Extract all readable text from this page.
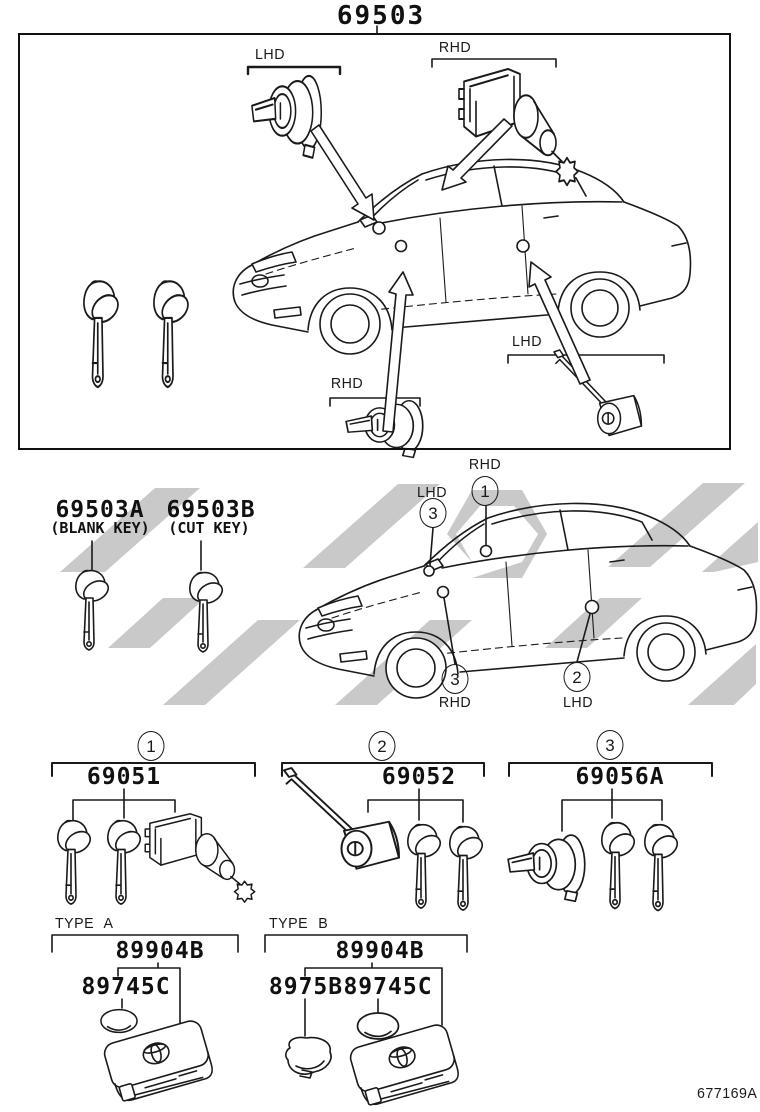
69503
LHD	RHD
RHD
LHD
69503A
(BLANK KEY)
69503B
(CUT KEY)
RHD
1
LHD
3
3
RHD
2
LHD
1
69051
2
69052
3
69056A
TYPE A
89904B
89745C
TYPE B
89904B
8975B 89745C
677169A
